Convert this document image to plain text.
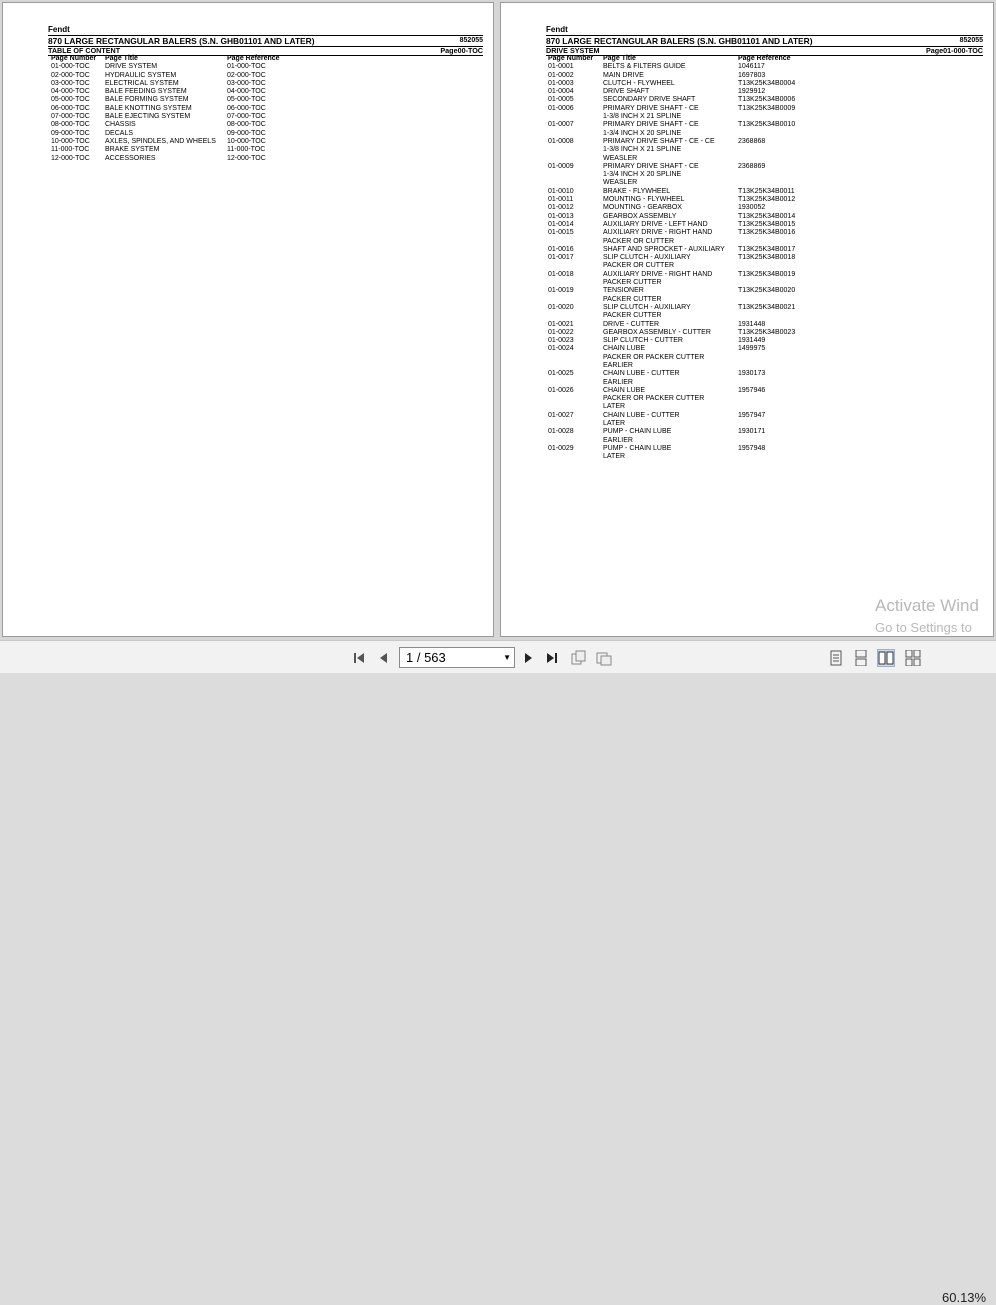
Fendt
870 LARGE RECTANGULAR BALERS (S.N. GHB01101 AND LATER)	852055
TABLE OF CONTENT	Page00-TOC
Page Number Page Title	Page Reference
01-000-TOC DRIVE SYSTEM	01-000-TOC
02-000-TOC HYDRAULIC SYSTEM	02-000-TOC
03-000-TOC ELECTRICAL SYSTEM	03-000-TOC
04-000-TOC BALE FEEDING SYSTEM	04-000-TOC
05-000-TOC BALE FORMING SYSTEM	05-000-TOC
06-000-TOC BALE KNOTTING SYSTEM	06-000-TOC
07-000-TOC BALE EJECTING SYSTEM	07-000-TOC
08-000-TOC CHASSIS	08-000-TOC
09-000-TOC DECALS	09-000-TOC
10-000-TOC AXLES, SPINDLES, AND WHEELS 10-000-TOC
11-000-TOC BRAKE SYSTEM	11-000-TOC
12-000-TOC ACCESSORIES	12-000-TOC
Fendt
870 LARGE RECTANGULAR BALERS (S.N. GHB01101 AND LATER)	852055
DRIVE SYSTEM	Page01-000-TOC
Page Number Page Title	Page Reference
01-0001	BELTS & FILTERS GUIDE	1046117
01-0002	MAIN DRIVE	1697803
01-0003	CLUTCH - FLYWHEEL	T13K25K34B0004
01-0004	DRIVE SHAFT	1929912
01-0005	SECONDARY DRIVE SHAFT	T13K25K34B0006
01-0006	PRIMARY DRIVE SHAFT - CE	T13K25K34B0009
1-3/8 INCH X 21 SPLINE
01-0007	PRIMARY DRIVE SHAFT - CE	T13K25K34B0010
1-3/4 INCH X 20 SPLINE
01-0008	PRIMARY DRIVE SHAFT - CE - CE	2368868
1-3/8 INCH X 21 SPLINE
WEASLER
01-0009	PRIMARY DRIVE SHAFT - CE	2368869
1-3/4 INCH X 20 SPLINE
WEASLER
01-0010	BRAKE - FLYWHEEL	T13K25K34B0011
01-0011	MOUNTING - FLYWHEEL	T13K25K34B0012
01-0012	MOUNTING - GEARBOX	1930052
01-0013	GEARBOX ASSEMBLY	T13K25K34B0014
01-0014	AUXILIARY DRIVE - LEFT HAND	T13K25K34B0015
01-0015	AUXILIARY DRIVE - RIGHT HAND	T13K25K34B0016
PACKER OR CUTTER
01-0016	SHAFT AND SPROCKET - AUXILIARY T13K25K34B0017
01-0017	SLIP CLUTCH - AUXILIARY	T13K25K34B0018
PACKER OR CUTTER
01-0018	AUXILIARY DRIVE - RIGHT HAND	T13K25K34B0019
PACKER CUTTER
01-0019	TENSIONER	T13K25K34B0020
PACKER CUTTER
01-0020	SLIP CLUTCH - AUXILIARY	T13K25K34B0021
PACKER CUTTER
01-0021	DRIVE - CUTTER	1931448
01-0022	GEARBOX ASSEMBLY - CUTTER	T13K25K34B0023
01-0023	SLIP CLUTCH - CUTTER	1931449
01-0024	CHAIN LUBE	1499975
PACKER OR PACKER CUTTER
EARLIER
01-0025	CHAIN LUBE - CUTTER	1930173
EARLIER
01-0026	CHAIN LUBE	1957946
PACKER OR PACKER CUTTER
LATER
01-0027	CHAIN LUBE - CUTTER	1957947
LATER
01-0028	PUMP - CHAIN LUBE	1930171
EARLIER
01-0029	PUMP - CHAIN LUBE	1957948
LATER
Activate Wind
Go to Settings to
60.13%
1 / 563	▼
